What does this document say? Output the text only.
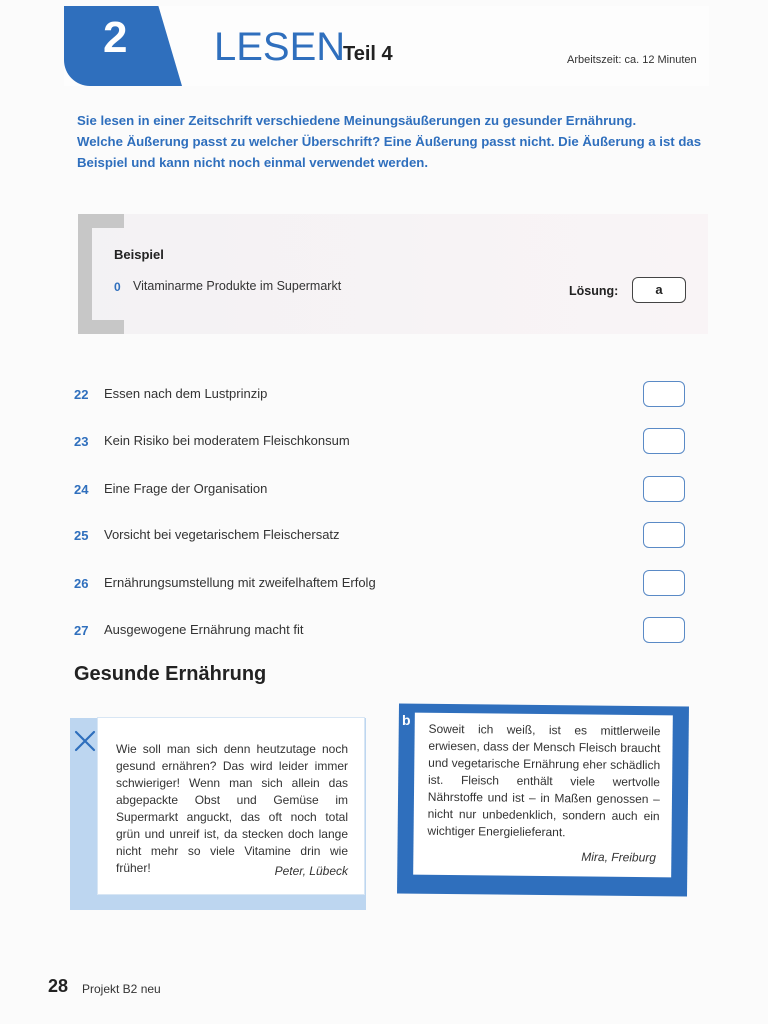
2 LESEN
Teil 4	Arbeitszeit: ca. 12 Minuten
Sie lesen in einer Zeitschrift verschiedene Meinungsäußerungen zu gesunder Ernährung.
Welche Äußerung passt zu welcher Überschrift? Eine Äußerung passt nicht. Die Äußerung a ist das
Beispiel und kann nicht noch einmal verwendet werden.
Beispiel
0 Vitaminarme Produkte im Supermarkt	Lösung:	a
22 Essen nach dem Lustprinzip
23 Kein Risiko bei moderatem Fleischkonsum
24 Eine Frage der Organisation
25 Vorsicht bei vegetarischem Fleischersatz
26 Ernährungsumstellung mit zweifelhaftem Erfolg
27 Ausgewogene Ernährung macht fit
Gesunde Ernährung
Wie soll man sich denn heutzutage noch gesund ernähren? Das wird leider immer schwieriger! Wenn man sich allein das abgepackte Obst und Gemüse im Supermarkt anguckt, das oft noch total grün und unreif ist, da stecken doch lange nicht mehr so viele Vitamine drin wie früher!	Peter, Lübeck
b
Soweit ich weiß, ist es mittlerweile erwiesen, dass der Mensch Fleisch braucht und vegetarische Ernährung eher schädlich ist. Fleisch enthält viele wertvolle Nährstoffe und ist – in Maßen genossen – nicht nur unbedenklich, sondern auch ein wichtiger Energielieferant.
Mira, Freiburg
28 Projekt B2 neu
